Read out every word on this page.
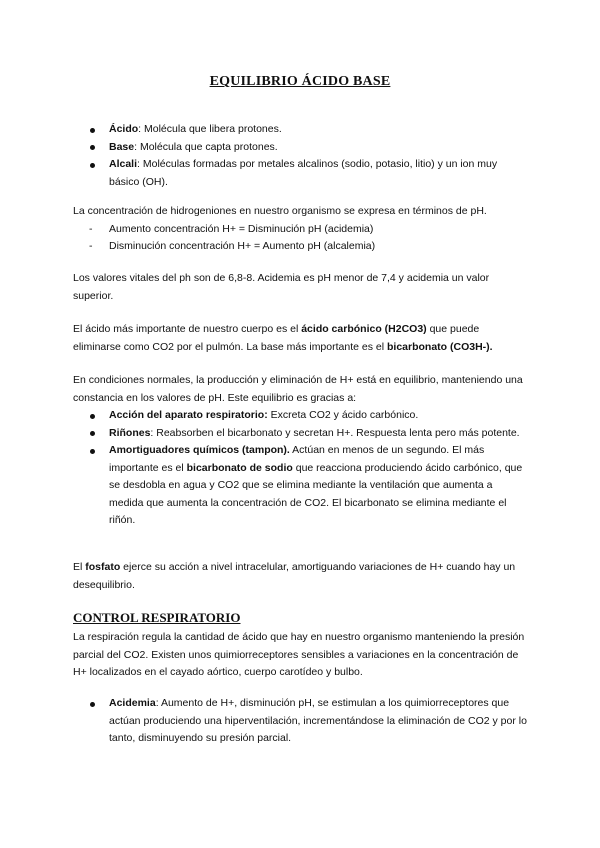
EQUILIBRIO ÁCIDO BASE
Ácido: Molécula que libera protones.
Base: Molécula que capta protones.
Alcali: Moléculas formadas por metales alcalinos (sodio, potasio, litio) y un ion muy básico (OH).

La concentración de hidrogeniones en nuestro organismo se expresa en términos de pH.

- Aumento concentración H+ = Disminución pH (acidemia)
- Disminución concentración H+ = Aumento pH (alcalemia)

Los valores vitales del ph son de 6,8-8. Acidemia es pH menor de 7,4 y acidemia un valor superior.

El ácido más importante de nuestro cuerpo es el ácido carbónico (H2CO3) que puede eliminarse como CO2 por el pulmón. La base más importante es el bicarbonato (CO3H-).

En condiciones normales, la producción y eliminación de H+ está en equilibrio, manteniendo una constancia en los valores de pH. Este equilibrio es gracias a:

Acción del aparato respiratorio: Excreta CO2 y ácido carbónico.
Riñones: Reabsorben el bicarbonato y secretan H+. Respuesta lenta pero más potente.
Amortiguadores químicos (tampon). Actúan en menos de un segundo. El más importante es el bicarbonato de sodio que reacciona produciendo ácido carbónico, que se desdobla en agua y CO2 que se elimina mediante la ventilación que aumenta a medida que aumenta la concentración de CO2. El bicarbonato se elimina mediante el riñón.

El fosfato ejerce su acción a nivel intracelular, amortiguando variaciones de H+ cuando hay un desequilibrio.

CONTROL RESPIRATORIO

La respiración regula la cantidad de ácido que hay en nuestro organismo manteniendo la presión parcial del CO2. Existen unos quimiorreceptores sensibles a variaciones en la concentración de H+ localizados en el cayado aórtico, cuerpo carotídeo y bulbo.

Acidemia: Aumento de H+, disminución pH, se estimulan a los quimiorreceptores que actúan produciendo una hiperventilación, incrementándose la eliminación de CO2 y por lo tanto, disminuyendo su presión parcial.
